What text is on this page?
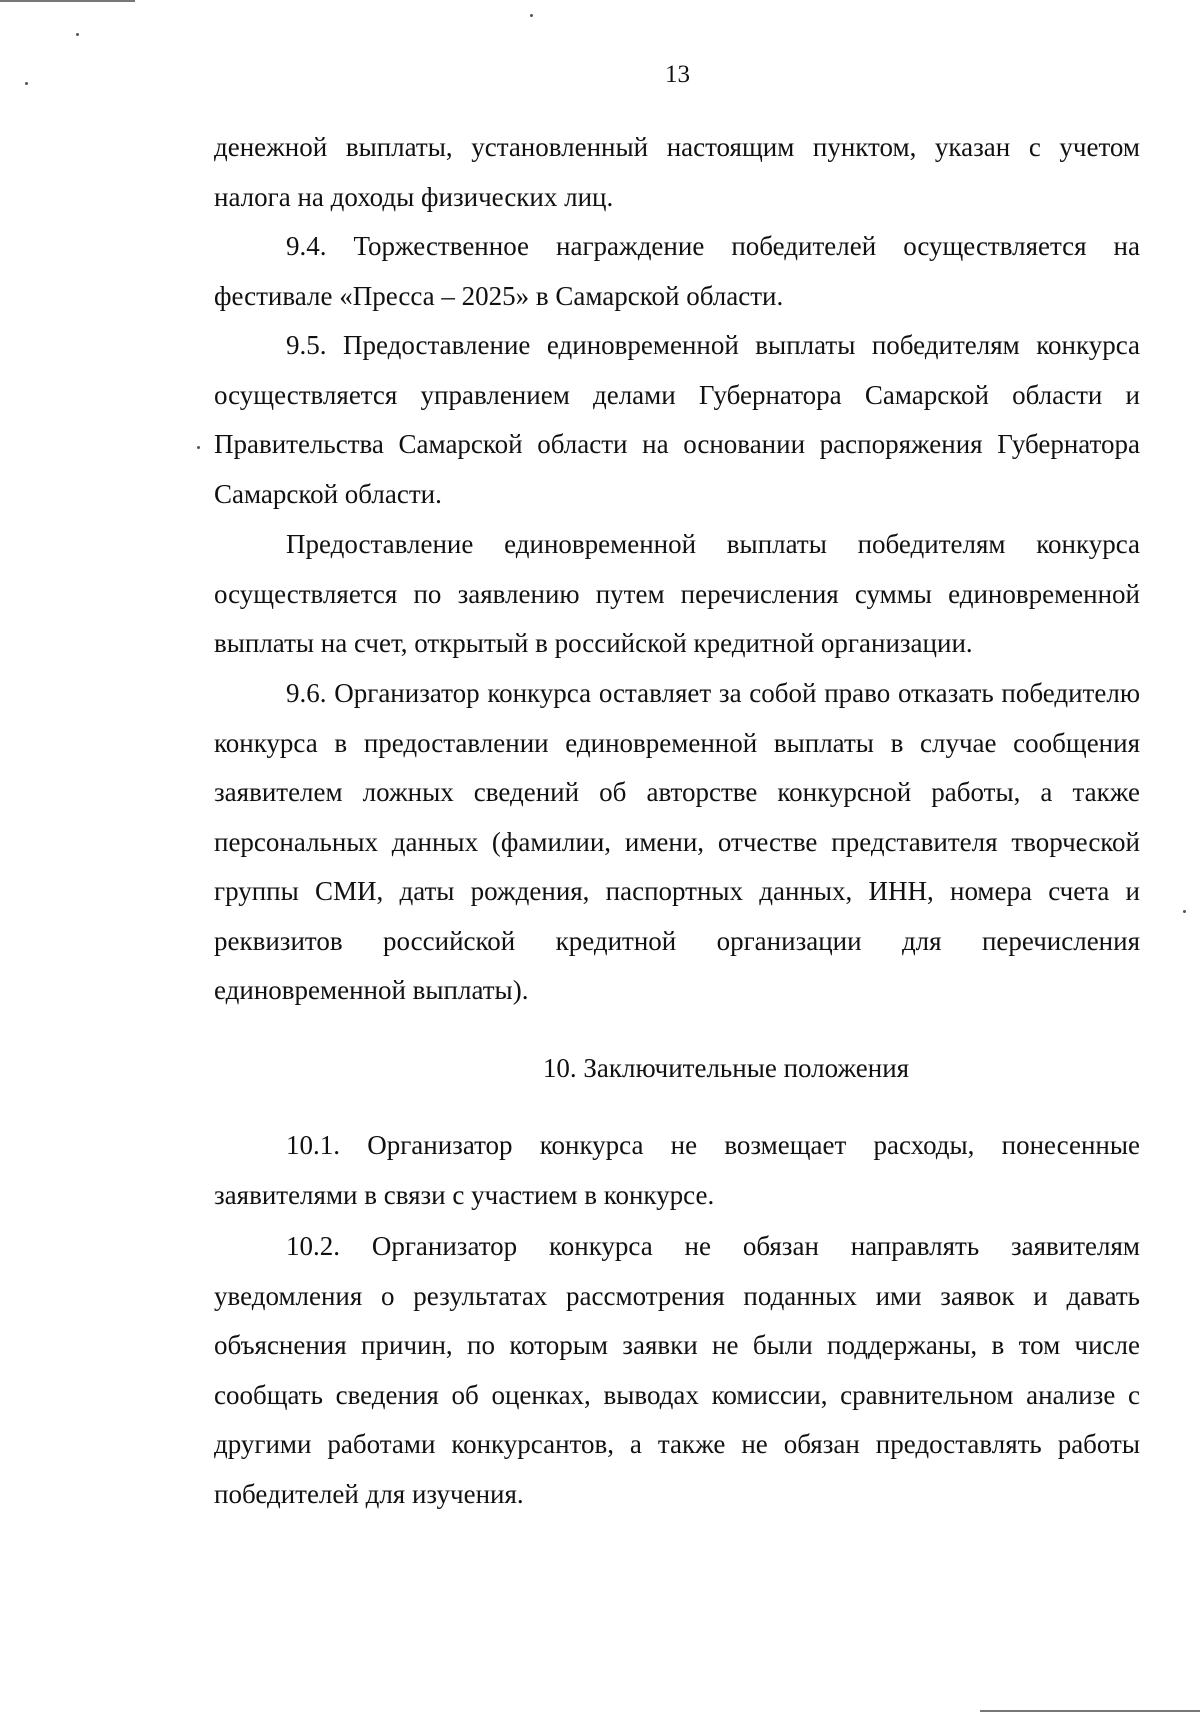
13

денежной выплаты, установленный настоящим пунктом, указан с учетом налога на доходы физических лиц.

9.4. Торжественное награждение победителей осуществляется на фестивале «Пресса – 2025» в Самарской области.

9.5. Предоставление единовременной выплаты победителям конкурса осуществляется управлением делами Губернатора Самарской области и Правительства Самарской области на основании распоряжения Губернатора Самарской области.

Предоставление единовременной выплаты победителям конкурса осуществляется по заявлению путем перечисления суммы единовременной выплаты на счет, открытый в российской кредитной организации.

9.6. Организатор конкурса оставляет за собой право отказать победителю конкурса в предоставлении единовременной выплаты в случае сообщения заявителем ложных сведений об авторстве конкурсной работы, а также персональных данных (фамилии, имени, отчестве представителя творческой группы СМИ, даты рождения, паспортных данных, ИНН, номера счета и реквизитов российской кредитной организации для перечисления единовременной выплаты).

10. Заключительные положения

10.1. Организатор конкурса не возмещает расходы, понесенные заявителями в связи с участием в конкурсе.

10.2. Организатор конкурса не обязан направлять заявителям уведомления о результатах рассмотрения поданных ими заявок и давать объяснения причин, по которым заявки не были поддержаны, в том числе сообщать сведения об оценках, выводах комиссии, сравнительном анализе с другими работами конкурсантов, а также не обязан предоставлять работы победителей для изучения.
